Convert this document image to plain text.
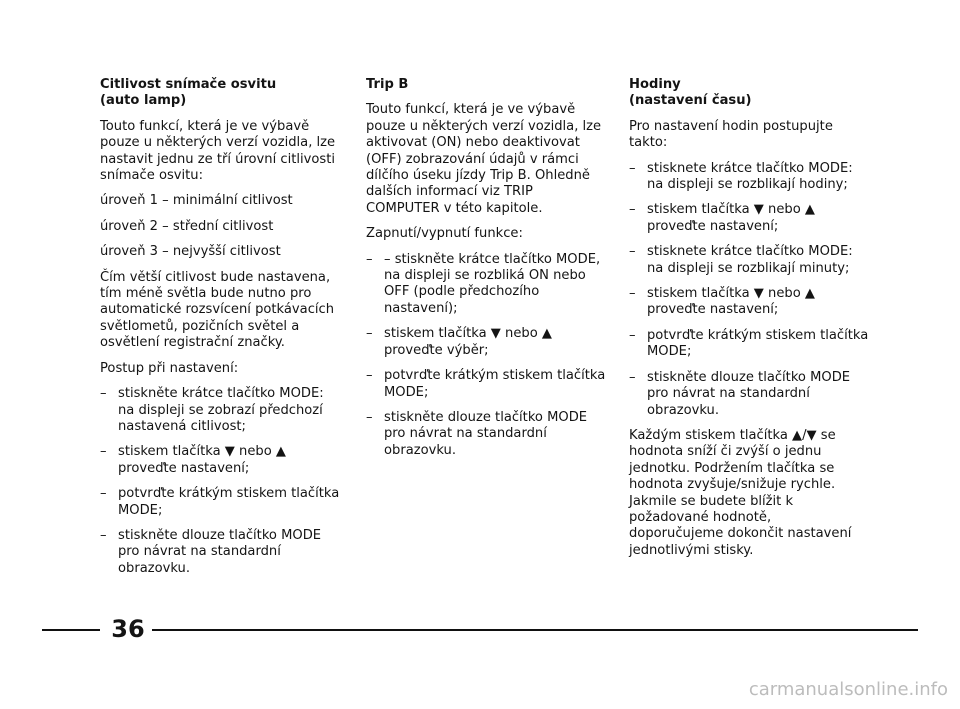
Citlivost snímače osvitu
(auto lamp)
Touto funkcí, která je ve výbavě pouze u některých verzí vozidla, lze nastavit jednu ze tří úrovní citlivosti snímače osvitu:
úroveň 1 – minimální citlivost
úroveň 2 – střední citlivost
úroveň 3 – nejvyšší citlivost
Čím větší citlivost bude nastavena, tím méně světla bude nutno pro automatické rozsvícení potkávacích světlometů, pozičních světel a osvětlení registrační značky.
Postup při nastavení:
– stiskněte krátce tlačítko MODE: na displeji se zobrazí předchozí nastavená citlivost;
– stiskem tlačítka ▼ nebo ▲ proveďte nastavení;
– potvrďte krátkým stiskem tlačítka MODE;
– stiskněte dlouze tlačítko MODE pro návrat na standardní obrazovku.
Trip B
Touto funkcí, která je ve výbavě pouze u některých verzí vozidla, lze aktivovat (ON) nebo deaktivovat (OFF) zobrazování údajů v rámci dílčího úseku jízdy Trip B. Ohledně dalších informací viz TRIP COMPUTER v této kapitole.
Zapnutí/vypnutí funkce:
– – stiskněte krátce tlačítko MODE, na displeji se rozbliká ON nebo OFF (podle předchozího nastavení);
– stiskem tlačítka ▼ nebo ▲ proveďte výběr;
– potvrďte krátkým stiskem tlačítka MODE;
– stiskněte dlouze tlačítko MODE pro návrat na standardní obrazovku.
Hodiny
(nastavení času)
Pro nastavení hodin postupujte takto:
– stisknete krátce tlačítko MODE: na displeji se rozblikají hodiny;
– stiskem tlačítka ▼ nebo ▲ proveďte nastavení;
– stisknete krátce tlačítko MODE: na displeji se rozblikají minuty;
– stiskem tlačítka ▼ nebo ▲ proveďte nastavení;
– potvrďte krátkým stiskem tlačítka MODE;
– stiskněte dlouze tlačítko MODE pro návrat na standardní obrazovku.
Každým stiskem tlačítka ▲/▼ se hodnota sníží či zvýší o jednu jednotku. Podržením tlačítka se hodnota zvyšuje/snižuje rychle. Jakmile se budete blížit k požadované hodnotě, doporučujeme dokončit nastavení jednotlivými stisky.
36
carmanualsonline.info
